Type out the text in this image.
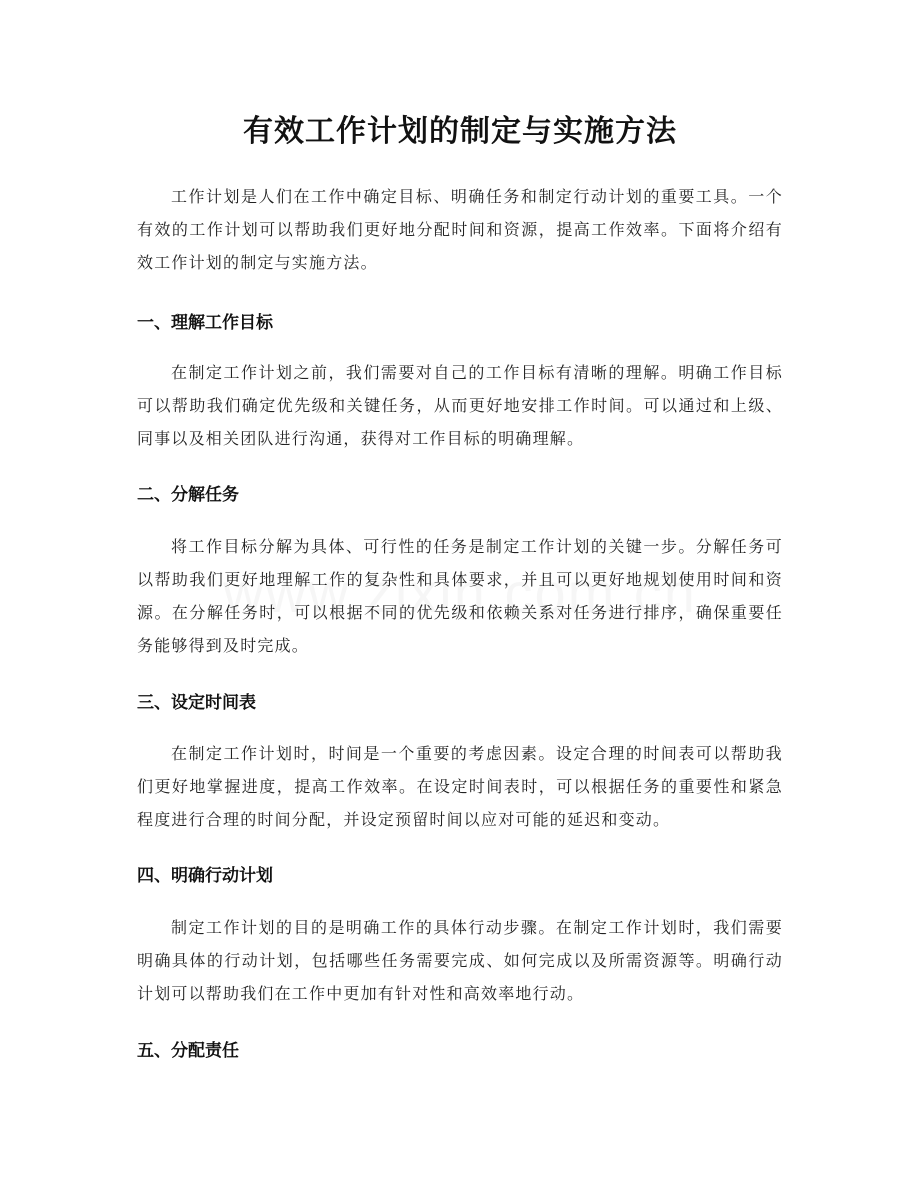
有效工作计划的制定与实施方法

工作计划是人们在工作中确定目标、明确任务和制定行动计划的重要工具。一个有效的工作计划可以帮助我们更好地分配时间和资源，提高工作效率。下面将介绍有效工作计划的制定与实施方法。

一、理解工作目标

在制定工作计划之前，我们需要对自己的工作目标有清晰的理解。明确工作目标可以帮助我们确定优先级和关键任务，从而更好地安排工作时间。可以通过和上级、同事以及相关团队进行沟通，获得对工作目标的明确理解。

二、分解任务

将工作目标分解为具体、可行性的任务是制定工作计划的关键一步。分解任务可以帮助我们更好地理解工作的复杂性和具体要求，并且可以更好地规划使用时间和资源。在分解任务时，可以根据不同的优先级和依赖关系对任务进行排序，确保重要任务能够得到及时完成。

三、设定时间表

在制定工作计划时，时间是一个重要的考虑因素。设定合理的时间表可以帮助我们更好地掌握进度，提高工作效率。在设定时间表时，可以根据任务的重要性和紧急程度进行合理的时间分配，并设定预留时间以应对可能的延迟和变动。

四、明确行动计划

制定工作计划的目的是明确工作的具体行动步骤。在制定工作计划时，我们需要明确具体的行动计划，包括哪些任务需要完成、如何完成以及所需资源等。明确行动计划可以帮助我们在工作中更加有针对性和高效率地行动。

五、分配责任
